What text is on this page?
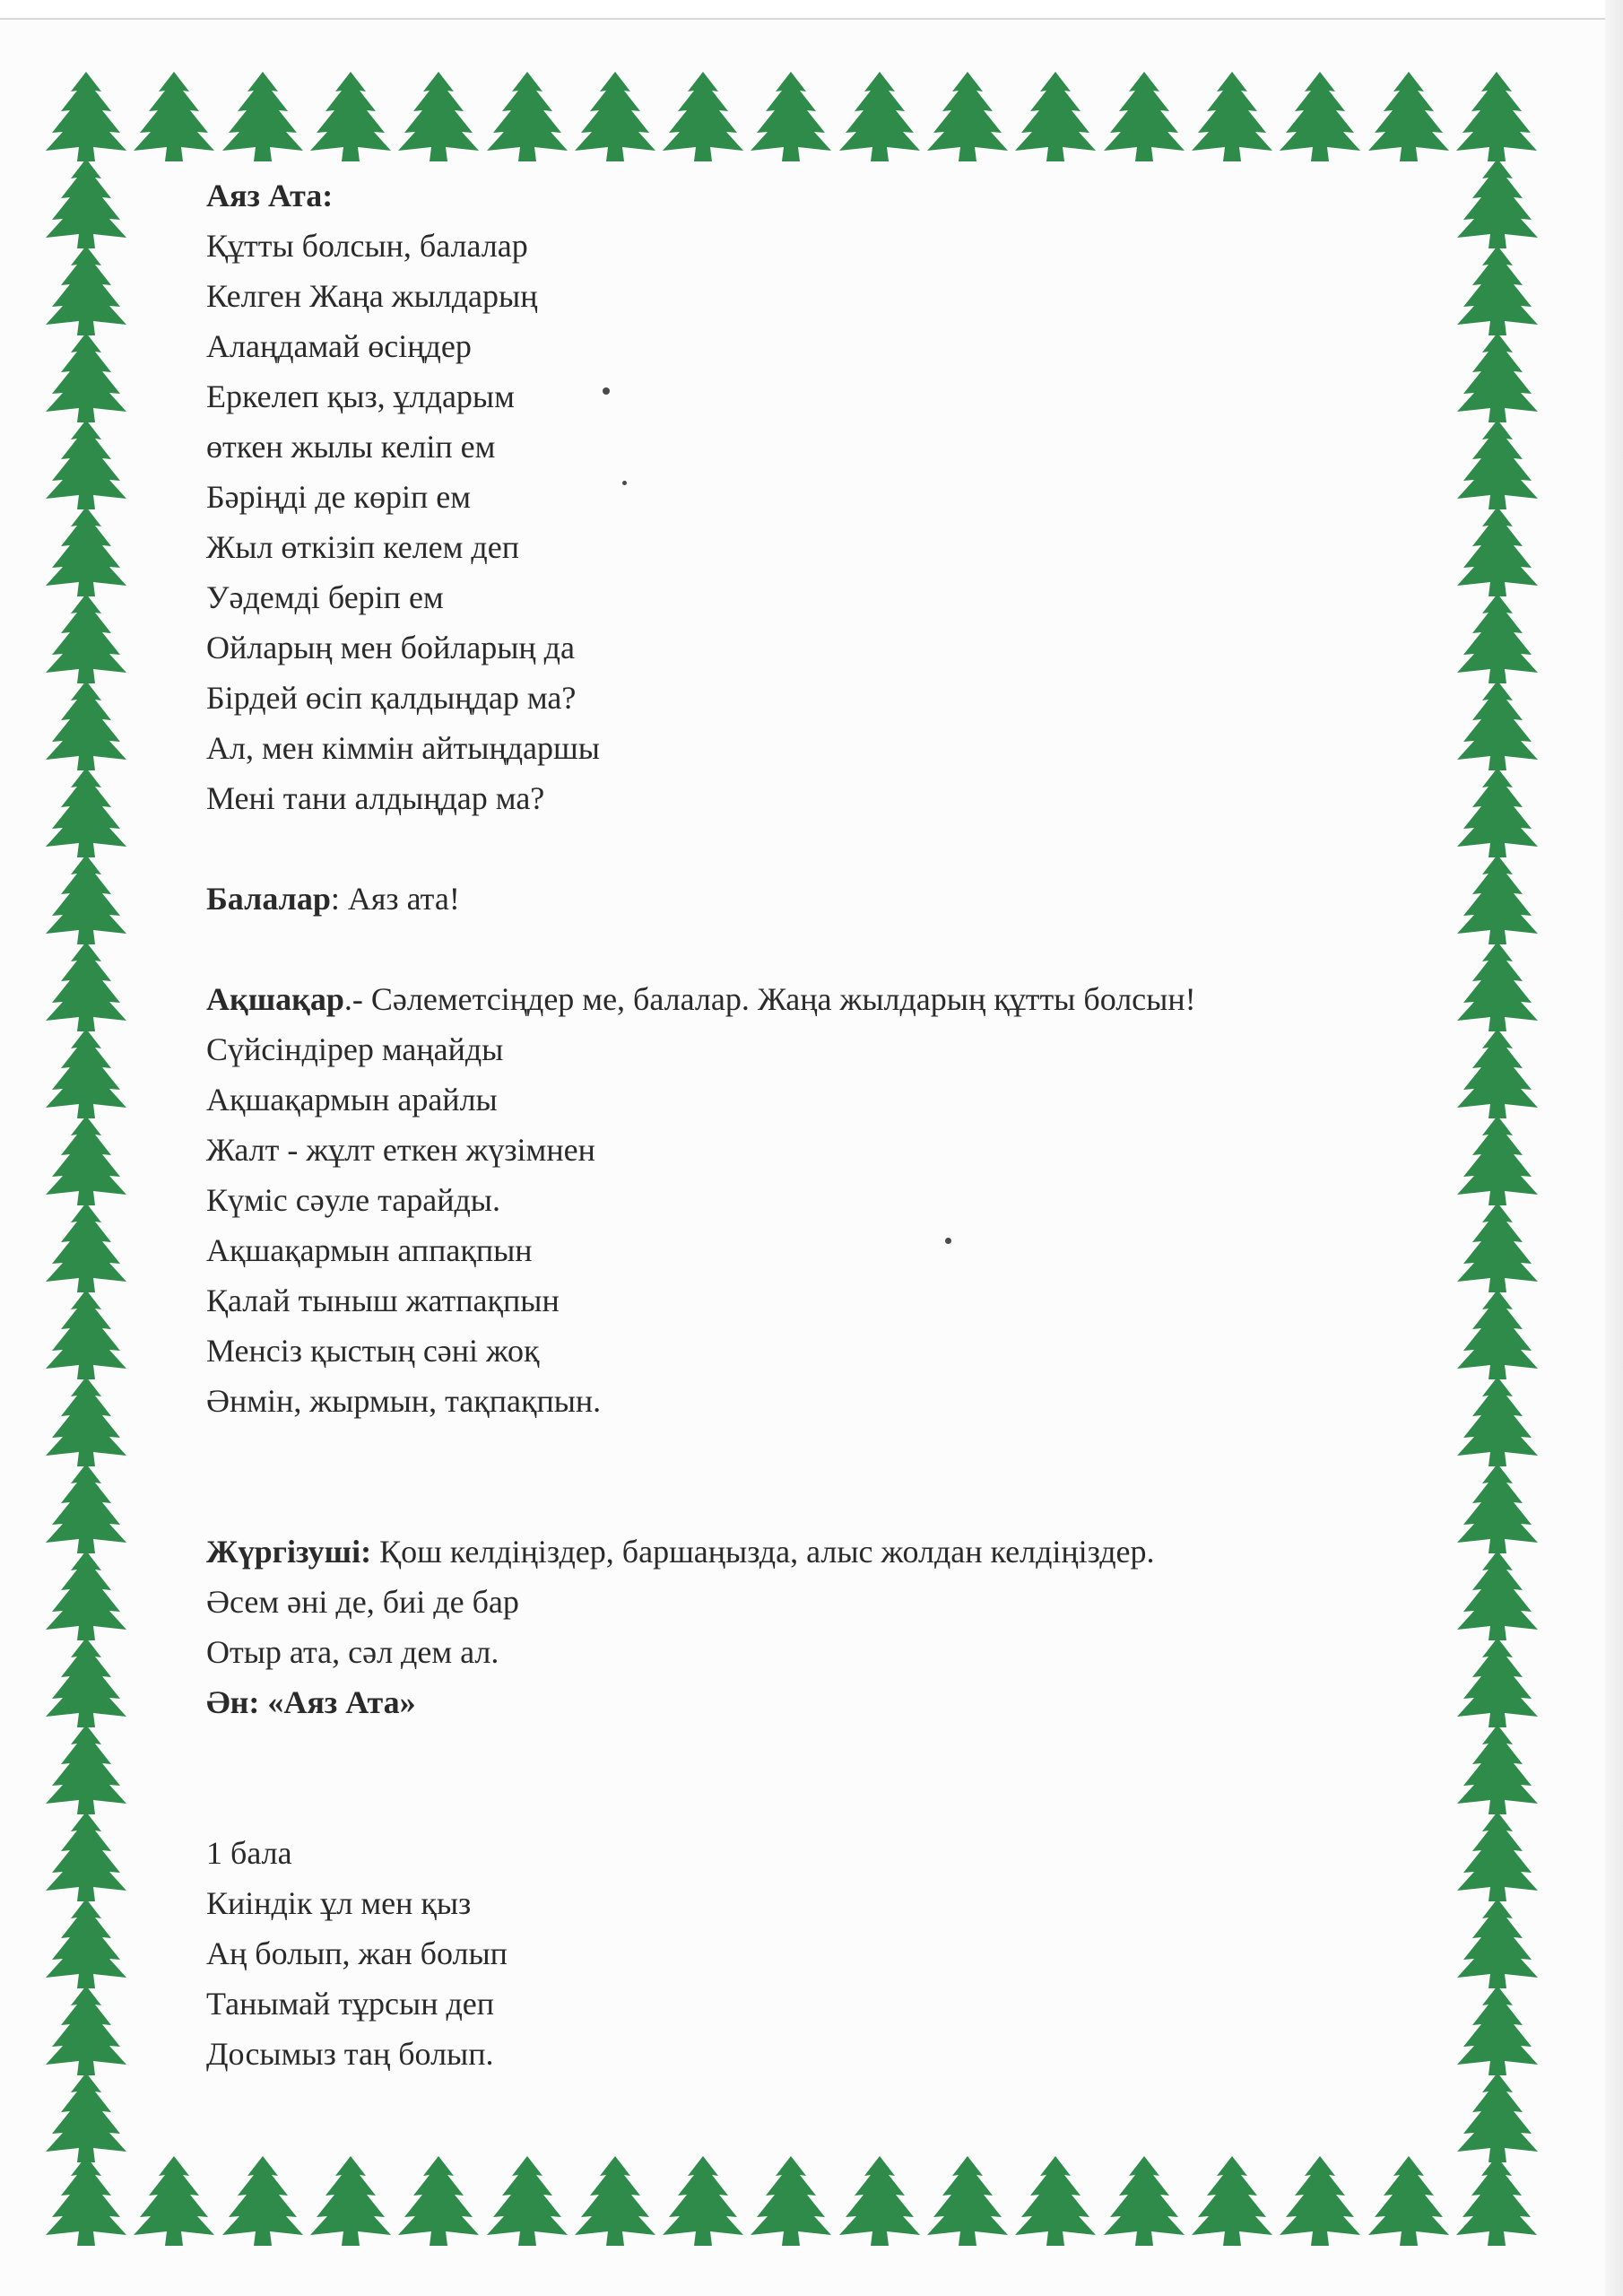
Аяз Ата:
Құтты болсын, балалар
Келген Жаңа жылдарың
Алаңдамай өсіңдер
Еркелеп қыз, ұлдарым
өткен жылы келіп ем
Бәріңді де көріп ем
Жыл өткізіп келем деп
Уәдемді беріп ем
Ойларың мен бойларың да
Бірдей өсіп қалдыңдар ма?
Ал, мен кіммін айтыңдаршы
Мені тани алдыңдар ма?
Балалар: Аяз ата!
Ақшақар.- Сәлеметсіңдер ме, балалар. Жаңа жылдарың құтты болсын!
Сүйсіндірер маңайды
Ақшақармын арайлы
Жалт - жұлт еткен жүзімнен
Күміс сәуле тарайды.
Ақшақармын аппақпын
Қалай тыныш жатпақпын
Менсіз қыстың сәні жоқ
Әнмін, жырмын, тақпақпын.
Жүргізуші: Қош келдіңіздер, баршаңызда, алыс жолдан келдіңіздер.
Әсем әні де, биі де бар
Отыр ата, сәл дем ал.
Ән: «Аяз Ата»
1 бала
Киіндік ұл мен қыз
Аң болып, жан болып
Танымай тұрсын деп
Досымыз таң болып.
